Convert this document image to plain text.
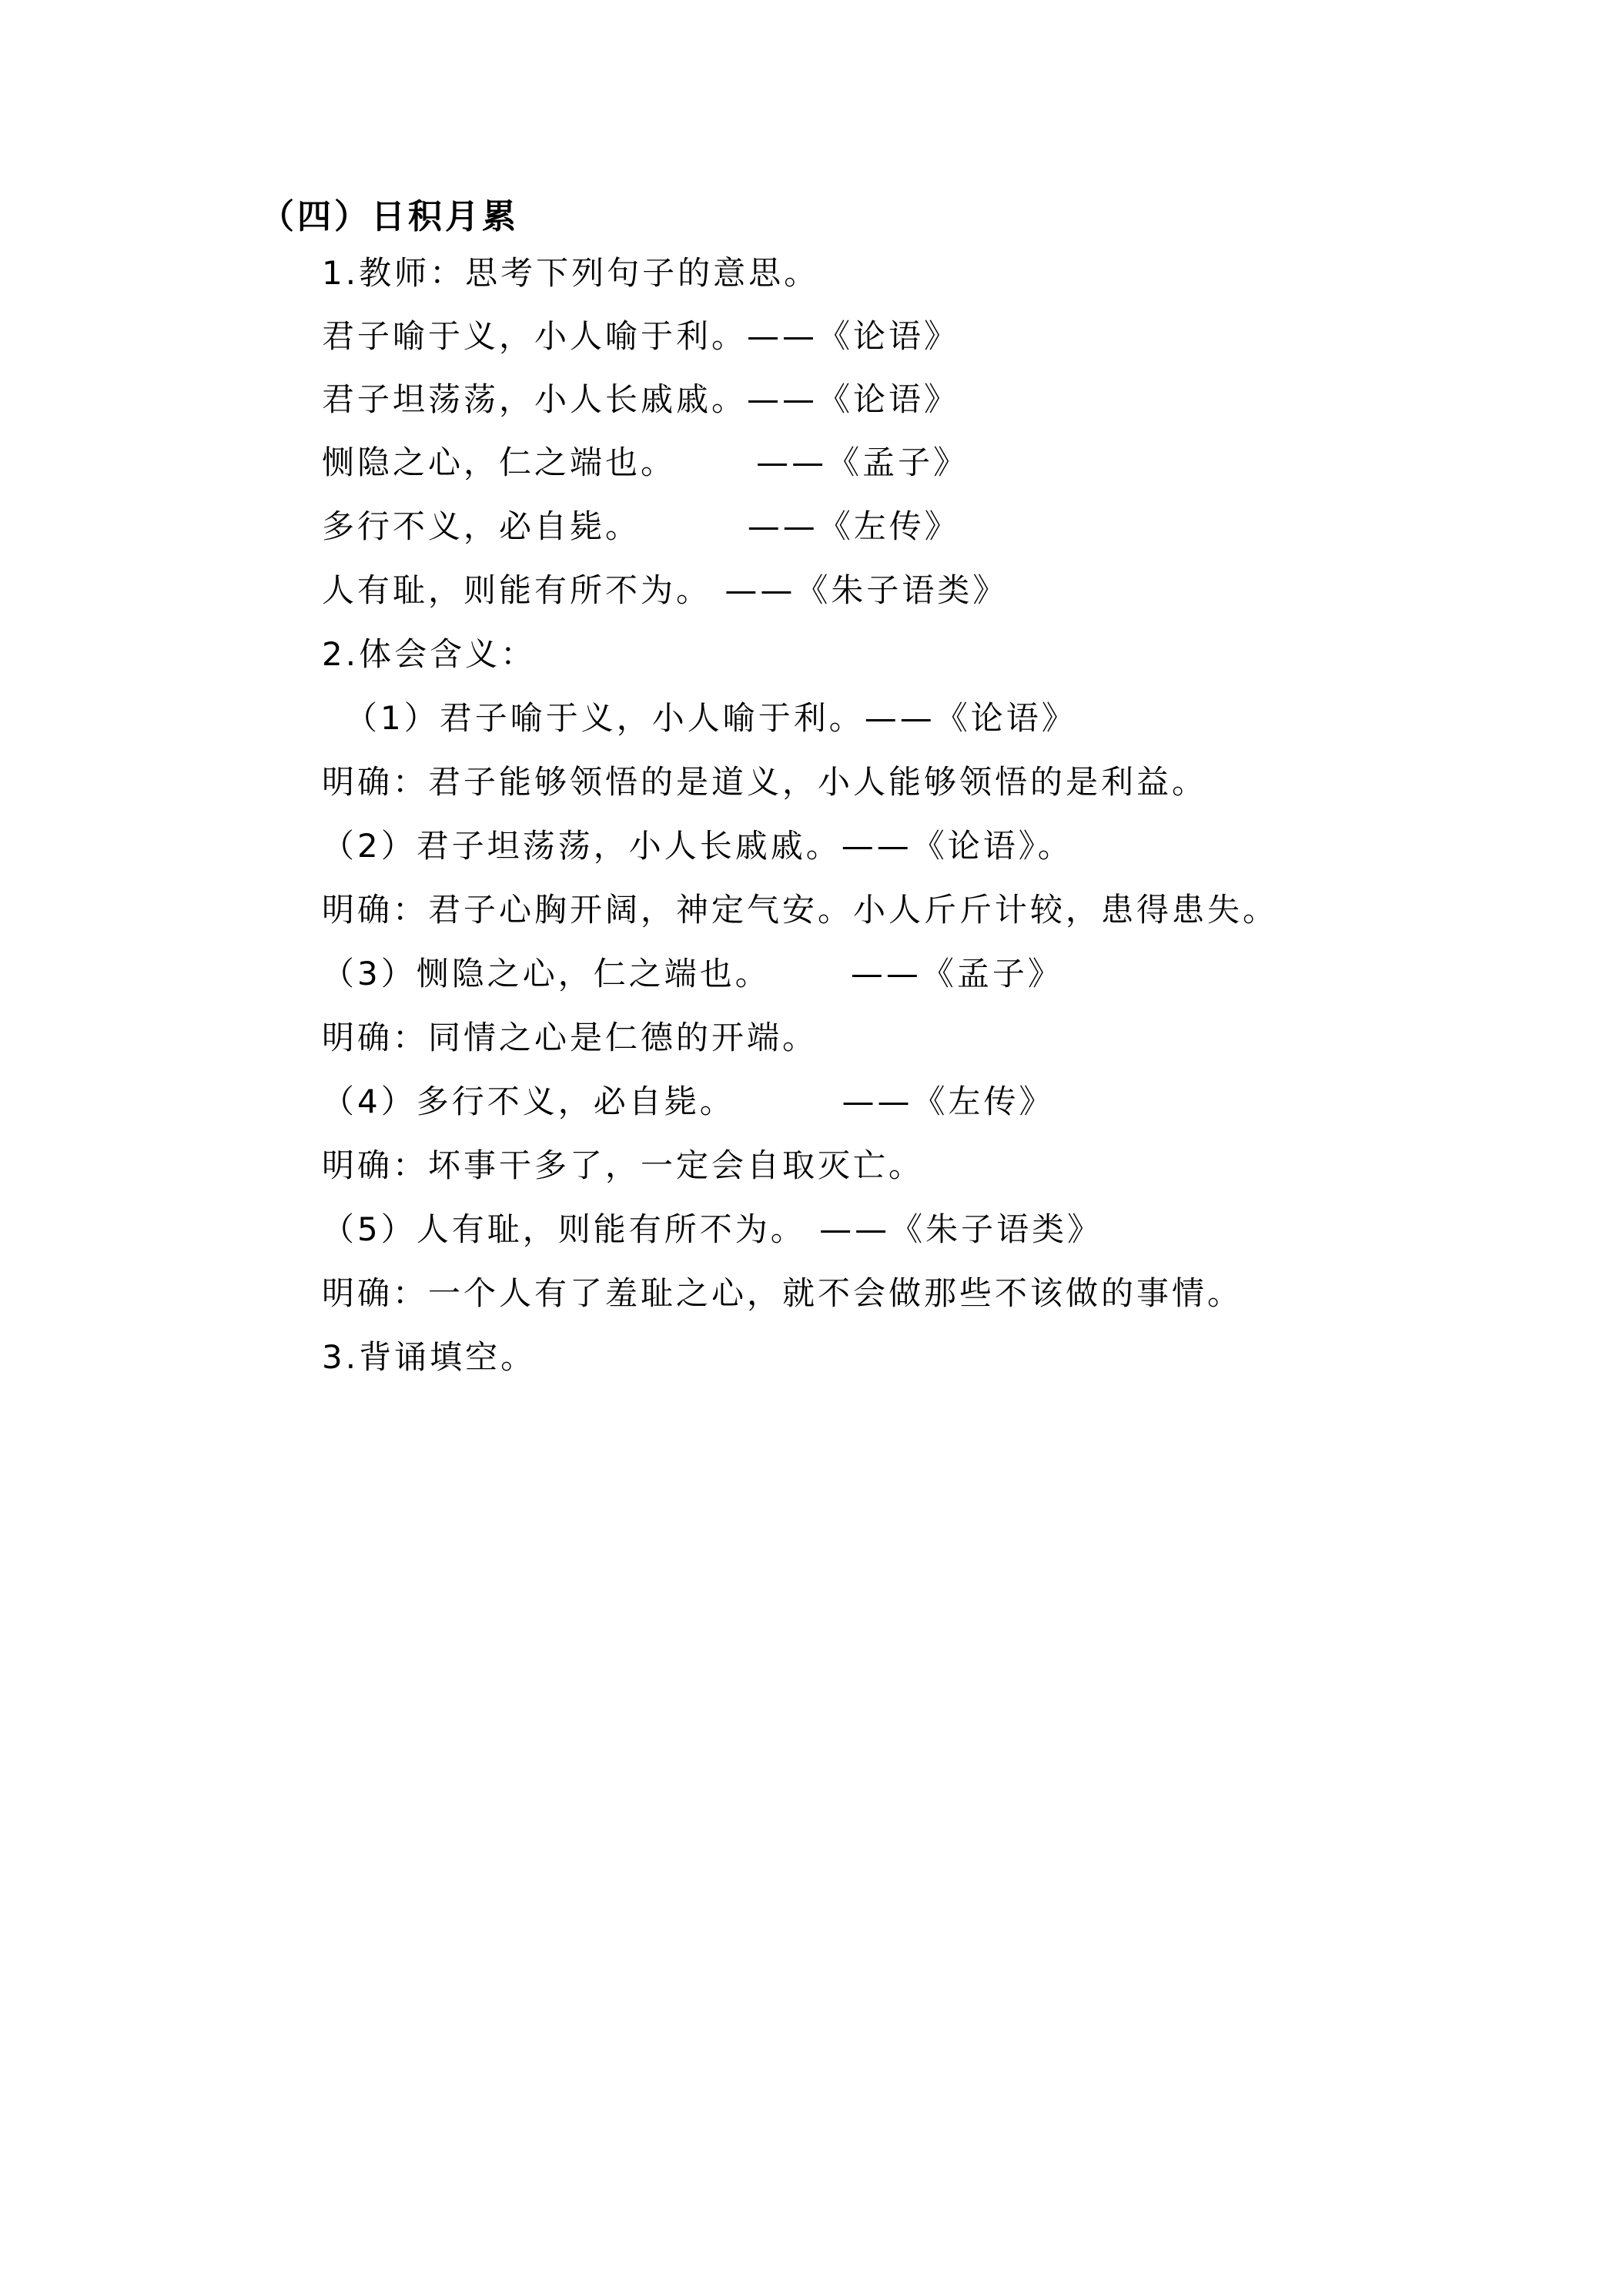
（四）日积月累
1.教师：思考下列句子的意思。
君子喻于义，小人喻于利。——《论语》
君子坦荡荡，小人长戚戚。——《论语》
恻隐之心，仁之端也。      ——《孟子》
多行不义，必自毙。        ——《左传》
人有耻，则能有所不为。 ——《朱子语类》
2.体会含义：
（1）君子喻于义，小人喻于利。——《论语》
明确：君子能够领悟的是道义，小人能够领悟的是利益。
（2）君子坦荡荡，小人长戚戚。——《论语》。
明确：君子心胸开阔，神定气安。小人斤斤计较，患得患失。
（3）恻隐之心，仁之端也。      ——《孟子》
明确：同情之心是仁德的开端。
（4）多行不义，必自毙。        ——《左传》
明确：坏事干多了，一定会自取灭亡。
（5）人有耻，则能有所不为。 ——《朱子语类》
明确：一个人有了羞耻之心，就不会做那些不该做的事情。
3.背诵填空。
